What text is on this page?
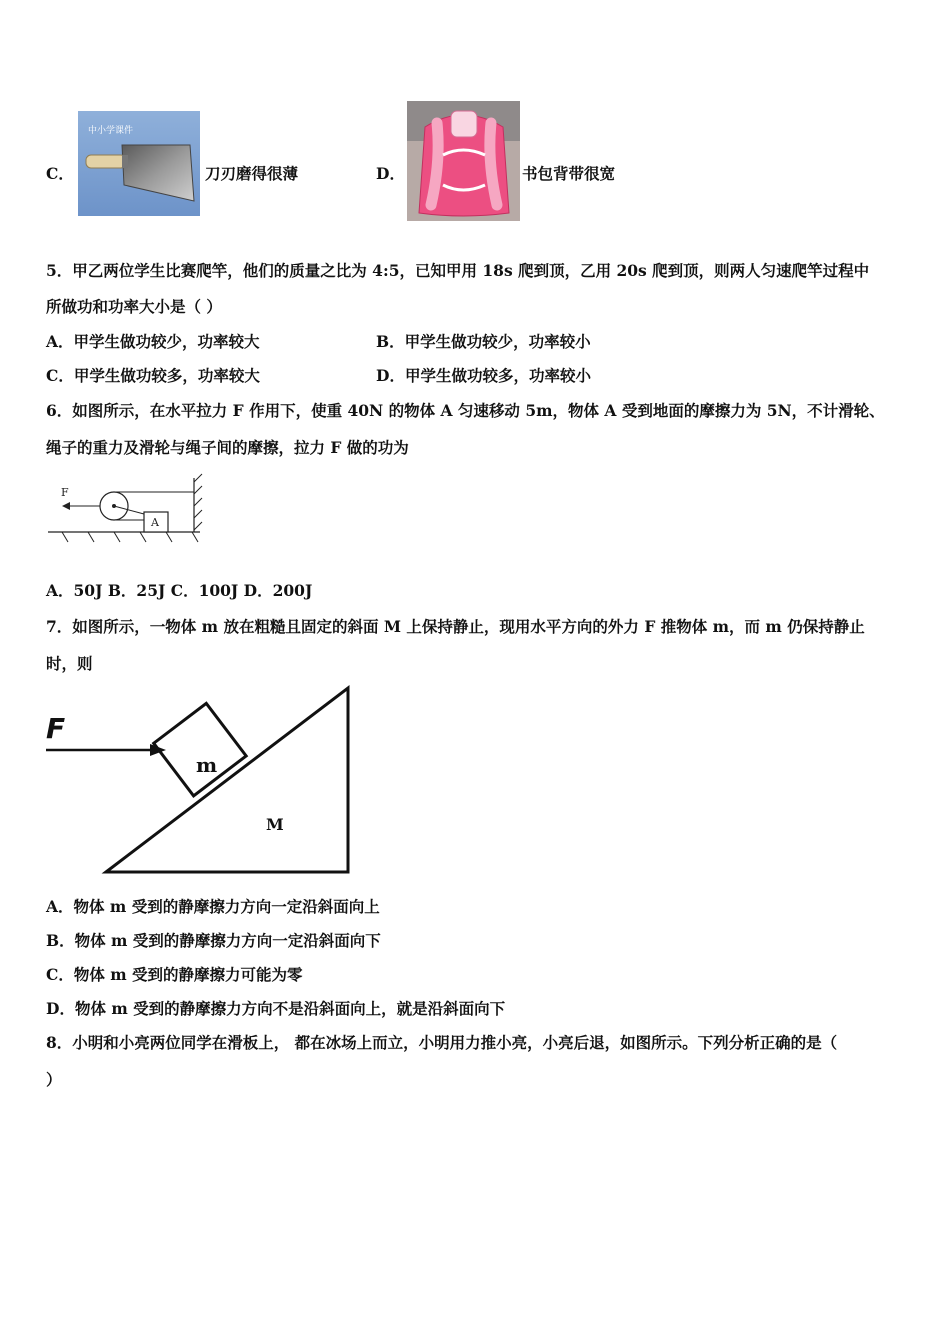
C．
中小学课件
刀刃磨得很薄	D．	书包背带很宽
5．甲乙两位学生比赛爬竿，他们的质量之比为 4:5，已知甲用 18s 爬到顶，乙用 20s 爬到顶，则两人匀速爬竿过程中
所做功和功率大小是（ ）
A．甲学生做功较少，功率较大	B．甲学生做功较少，功率较小
C．甲学生做功较多，功率较大	D．甲学生做功较多，功率较小
6．如图所示，在水平拉力 F 作用下，使重 40N 的物体 A 匀速移动 5m，物体 A 受到地面的摩擦力为 5N，不计滑轮、
绳子的重力及滑轮与绳子间的摩擦，拉力 F 做的功为
F
A
A．50J B．25J C．100J D．200J
7．如图所示，一物体 m 放在粗糙且固定的斜面 M 上保持静止，现用水平方向的外力 F 推物体 m，而 m 仍保持静止
时，则
F
m
M
A．物体 m 受到的静摩擦力方向一定沿斜面向上
B．物体 m 受到的静摩擦力方向一定沿斜面向下
C．物体 m 受到的静摩擦力可能为零
D．物体 m 受到的静摩擦力方向不是沿斜面向上，就是沿斜面向下
8．小明和小亮两位同学在滑板上， 都在冰场上而立，小明用力推小亮，小亮后退，如图所示。下列分析正确的是（
）
